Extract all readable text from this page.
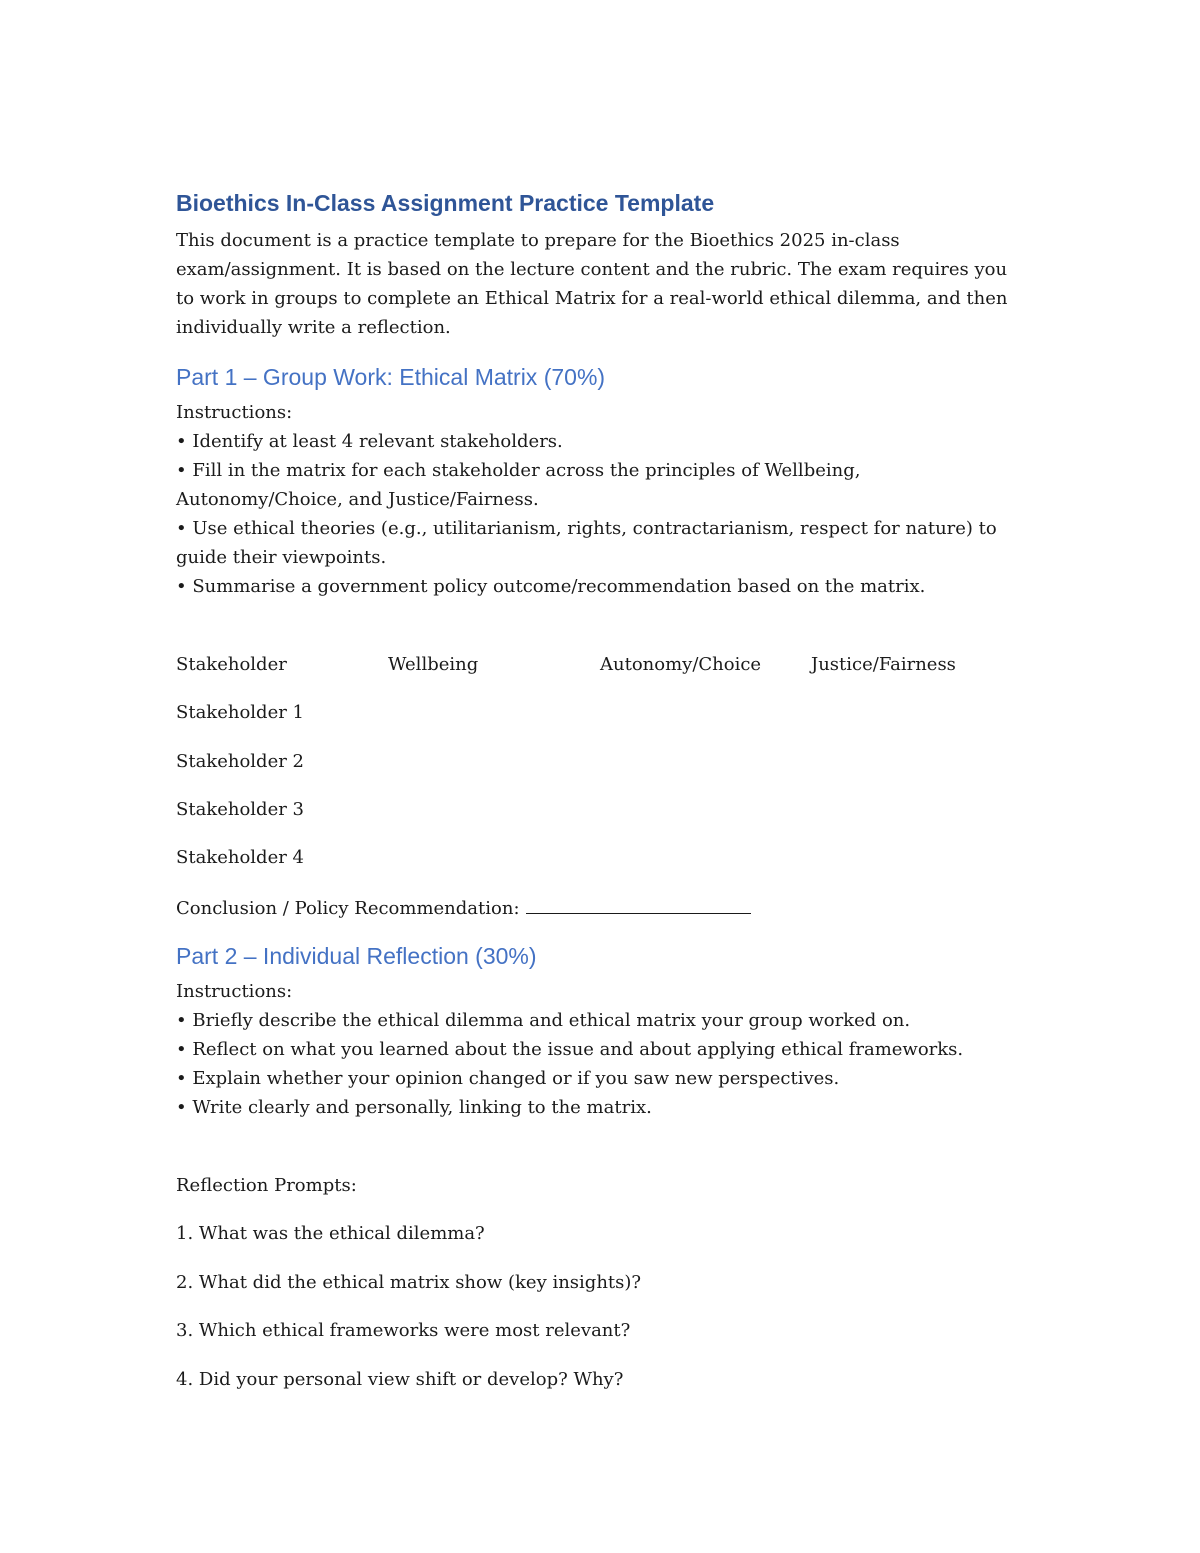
Bioethics In-Class Assignment Practice Template
This document is a practice template to prepare for the Bioethics 2025 in-class exam/assignment. It is based on the lecture content and the rubric. The exam requires you to work in groups to complete an Ethical Matrix for a real-world ethical dilemma, and then individually write a reflection.
Part 1 – Group Work: Ethical Matrix (70%)
Instructions:
• Identify at least 4 relevant stakeholders.
• Fill in the matrix for each stakeholder across the principles of Wellbeing,
Autonomy/Choice, and Justice/Fairness.
• Use ethical theories (e.g., utilitarianism, rights, contractarianism, respect for nature) to
guide their viewpoints.
• Summarise a government policy outcome/recommendation based on the matrix.
Stakeholder	Wellbeing	Autonomy/Choice	Justice/Fairness
Stakeholder 1
Stakeholder 2
Stakeholder 3
Stakeholder 4
Conclusion / Policy Recommendation:
Part 2 – Individual Reflection (30%)
Instructions:
• Briefly describe the ethical dilemma and ethical matrix your group worked on.
• Reflect on what you learned about the issue and about applying ethical frameworks.
• Explain whether your opinion changed or if you saw new perspectives.
• Write clearly and personally, linking to the matrix.
Reflection Prompts:
1. What was the ethical dilemma?
2. What did the ethical matrix show (key insights)?
3. Which ethical frameworks were most relevant?
4. Did your personal view shift or develop? Why?
